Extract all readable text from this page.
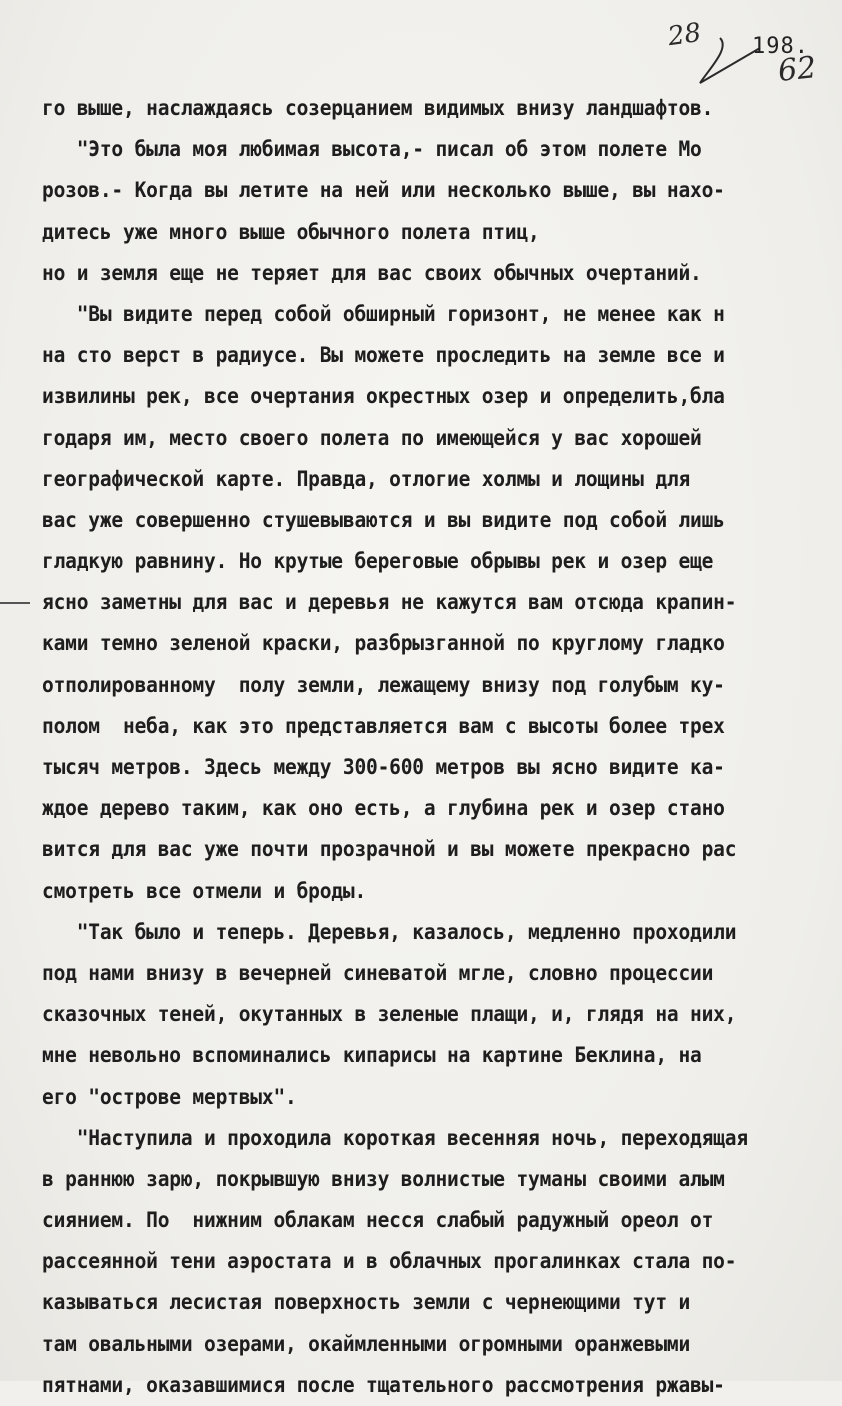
28
62
198.
го выше, наслаждаясь созерцанием видимых внизу ландшафтов.
"Это была моя любимая высота,- писал об этом полете Мо
розов.- Когда вы летите на ней или несколько выше, вы нахо-
дитесь уже много выше обычного полета птиц,
но и земля еще не теряет для вас своих обычных очертаний.
"Вы видите перед собой обширный горизонт, не менее как н
на сто верст в радиусе. Вы можете проследить на земле все и
извилины рек, все очертания окрестных озер и определить,бла
годаря им, место своего полета по имеющейся у вас хорошей
географической карте. Правда, отлогие холмы и лощины для
вас уже совершенно стушевываются и вы видите под собой лишь
гладкую равнину. Но крутые береговые обрывы рек и озер еще
ясно заметны для вас и деревья не кажутся вам отсюда крапин-
ками темно зеленой краски, разбрызганной по круглому гладко
отполированному  полу земли, лежащему внизу под голубым ку-
полом  неба, как это представляется вам с высоты более трех
тысяч метров. Здесь между 300-600 метров вы ясно видите ка-
ждое дерево таким, как оно есть, а глубина рек и озер стано
вится для вас уже почти прозрачной и вы можете прекрасно рас
смотреть все отмели и броды.
"Так было и теперь. Деревья, казалось, медленно проходили
под нами внизу в вечерней синеватой мгле, словно процессии
сказочных теней, окутанных в зеленые плащи, и, глядя на них,
мне невольно вспоминались кипарисы на картине Беклина, на
его "острове мертвых".
"Наступила и проходила короткая весенняя ночь, переходящая
в раннюю зарю, покрывшую внизу волнистые туманы своими алым
сиянием. По  нижним облакам несся слабый радужный ореол от
рассеянной тени аэростата и в облачных прогалинках стала по-
казываться лесистая поверхность земли с чернеющими тут и
там овальными озерами, окаймленными огромными оранжевыми
пятнами, оказавшимися после тщательного рассмотрения ржавы-
